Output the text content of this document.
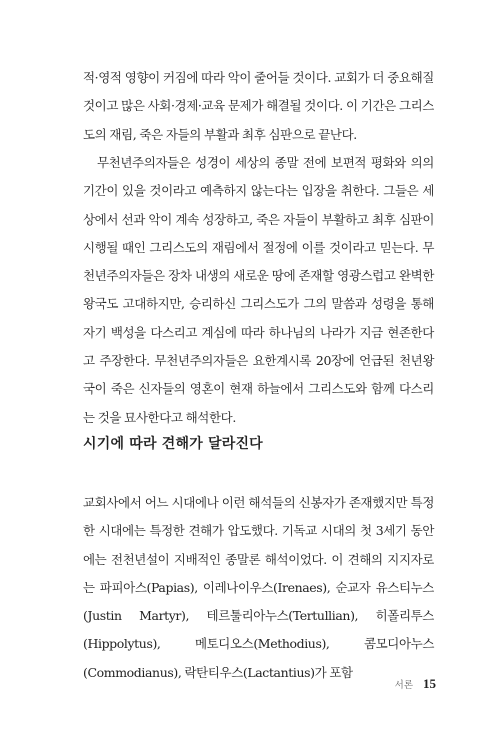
적·영적 영향이 커짐에 따라 악이 줄어들 것이다. 교회가 더 중요해질 것이고 많은 사회·경제·교육 문제가 해결될 것이다. 이 기간은 그리스도의 재림, 죽은 자들의 부활과 최후 심판으로 끝난다.

무천년주의자들은 성경이 세상의 종말 전에 보편적 평화와 의의 기간이 있을 것이라고 예측하지 않는다는 입장을 취한다. 그들은 세상에서 선과 악이 계속 성장하고, 죽은 자들이 부활하고 최후 심판이 시행될 때인 그리스도의 재림에서 절정에 이를 것이라고 믿는다. 무천년주의자들은 장차 내생의 새로운 땅에 존재할 영광스럽고 완벽한 왕국도 고대하지만, 승리하신 그리스도가 그의 말씀과 성령을 통해 자기 백성을 다스리고 계심에 따라 하나님의 나라가 지금 현존한다고 주장한다. 무천년주의자들은 요한계시록 20장에 언급된 천년왕국이 죽은 신자들의 영혼이 현재 하늘에서 그리스도와 함께 다스리는 것을 묘사한다고 해석한다.

시기에 따라 견해가 달라진다

교회사에서 어느 시대에나 이런 해석들의 신봉자가 존재했지만 특정한 시대에는 특정한 견해가 압도했다. 기독교 시대의 첫 3세기 동안에는 전천년설이 지배적인 종말론 해석이었다. 이 견해의 지지자로는 파피아스(Papias), 이레나이우스(Irenaes), 순교자 유스티누스(Justin Martyr), 테르툴리아누스(Tertullian), 히폴리투스(Hippolytus), 메토디오스(Methodius), 콤모디아누스(Commodianus), 락탄티우스(Lactantius)가 포함

서론 15
